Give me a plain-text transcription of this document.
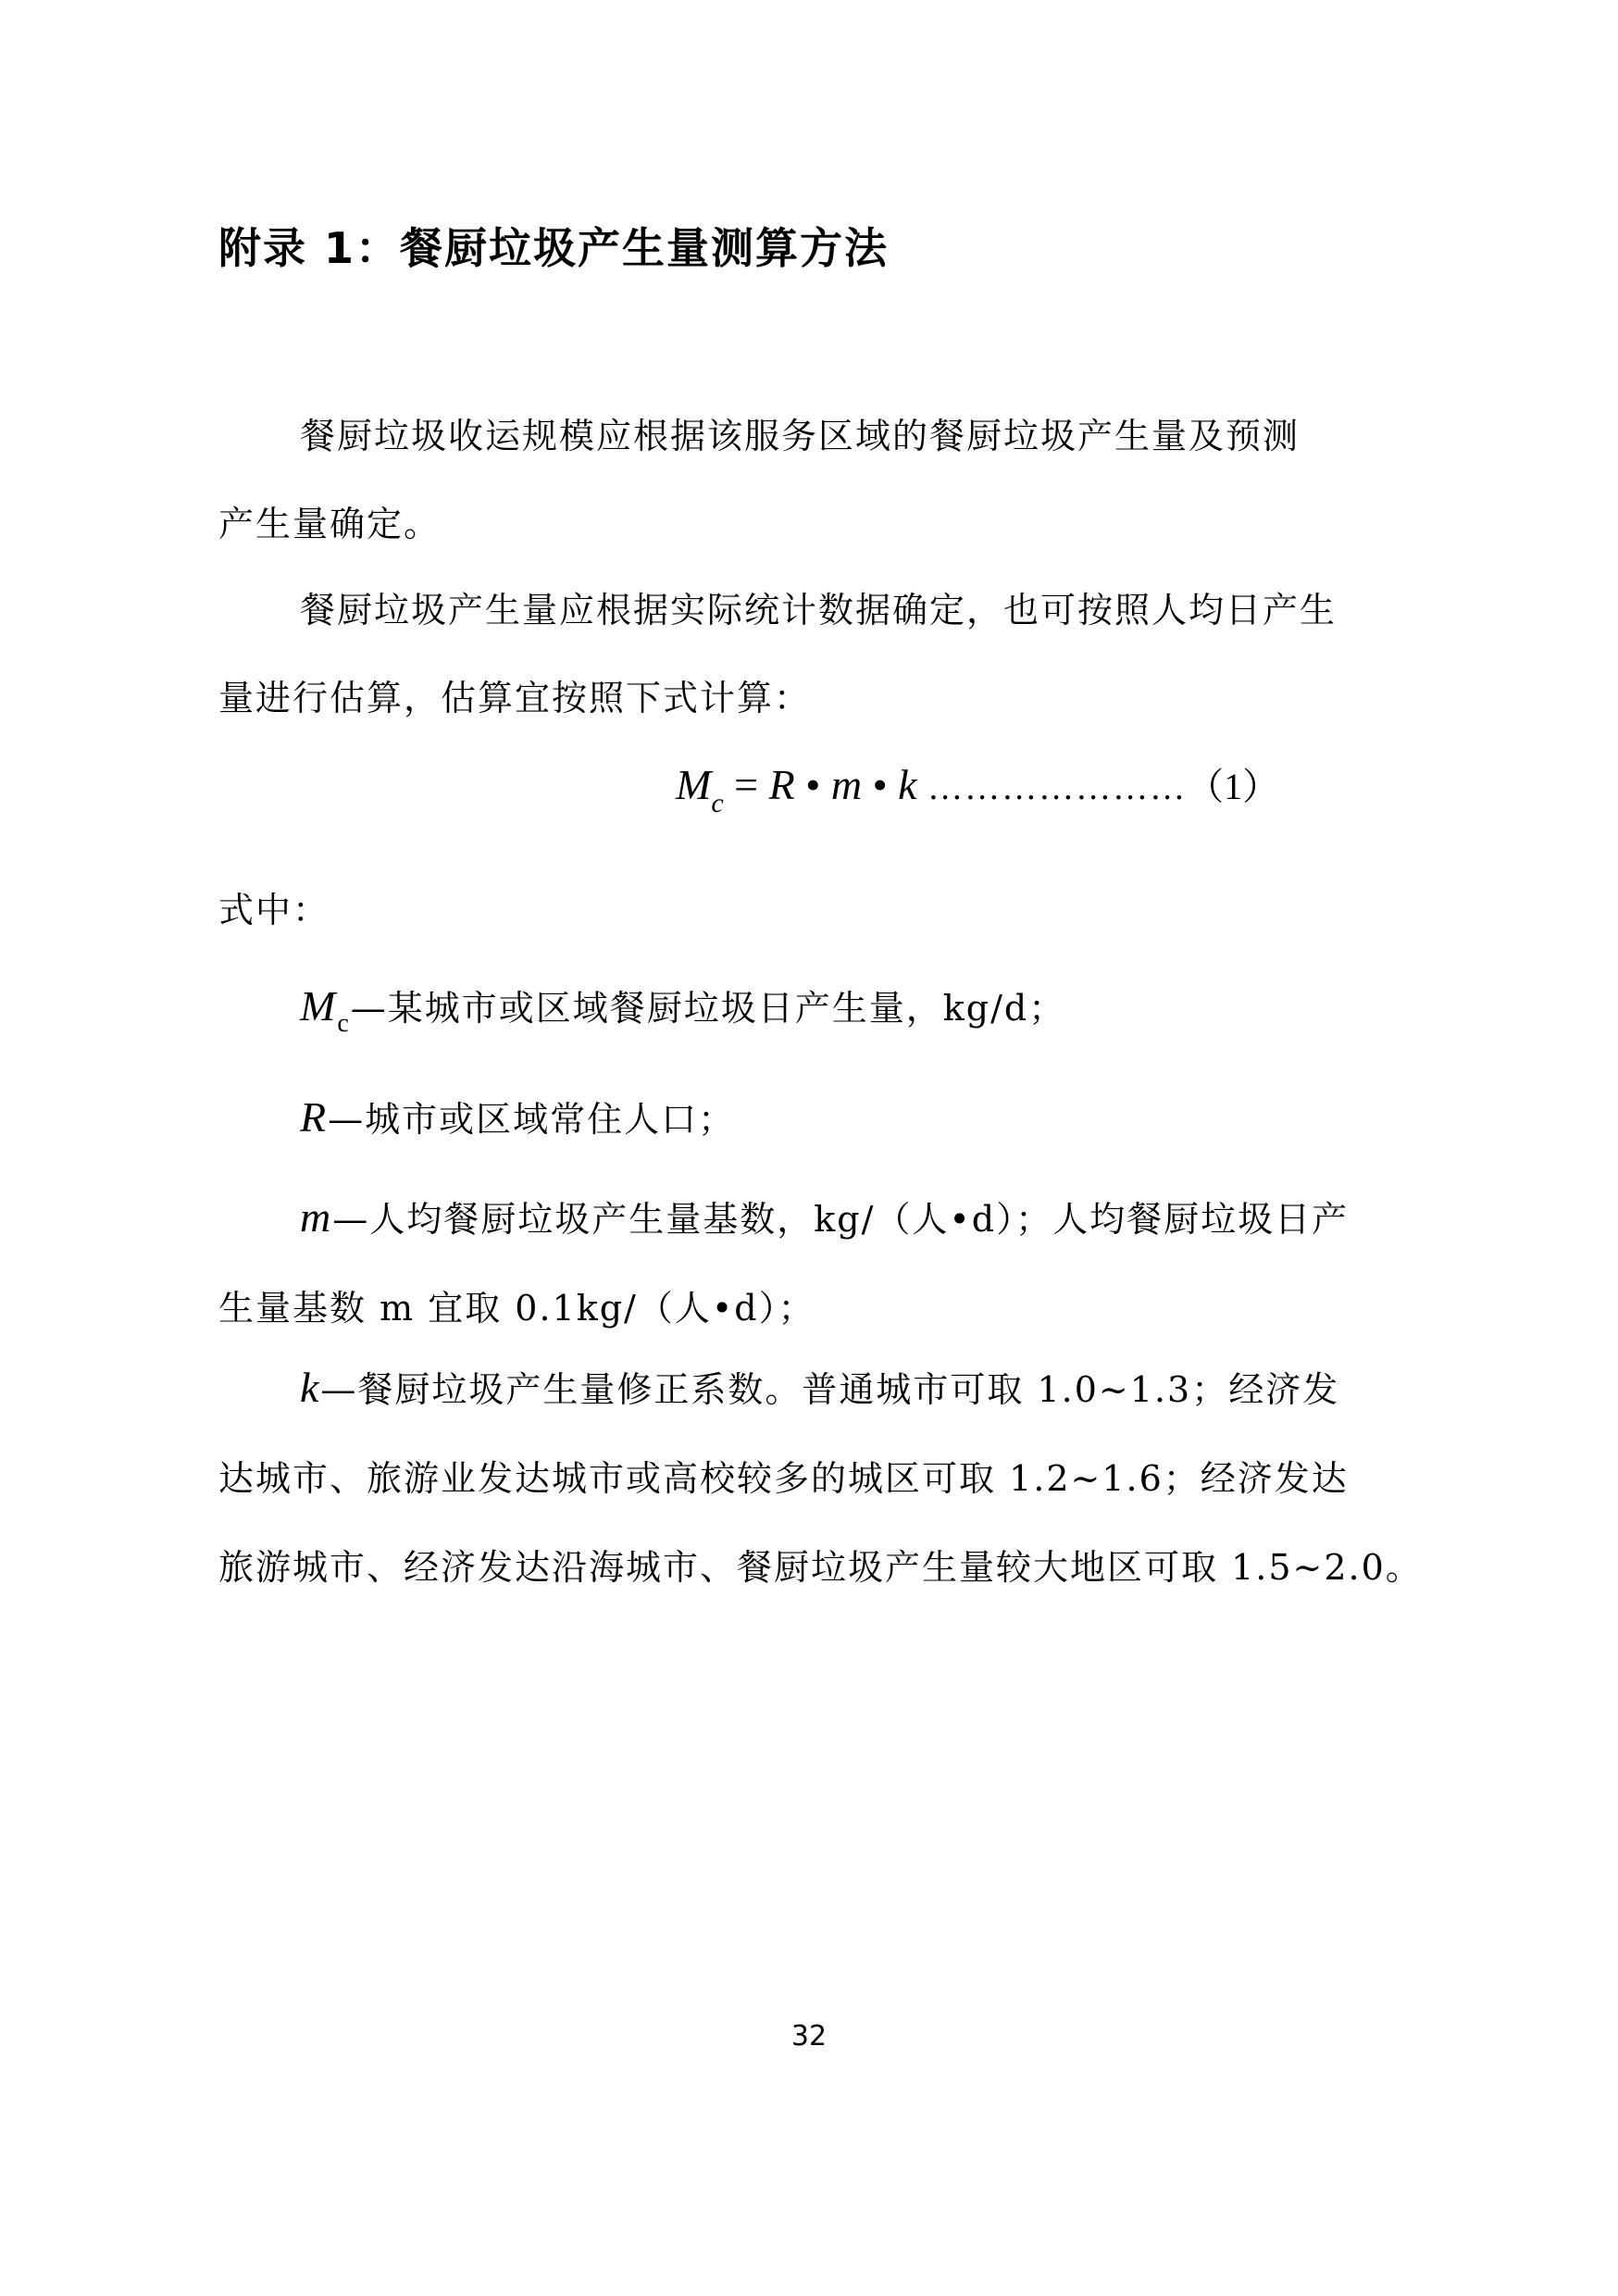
附录 1：餐厨垃圾产生量测算方法
餐厨垃圾收运规模应根据该服务区域的餐厨垃圾产生量及预测
产生量确定。
餐厨垃圾产生量应根据实际统计数据确定，也可按照人均日产生
量进行估算，估算宜按照下式计算：
$M_c = R$ • m • k …………………（1）
式中：
$M_c—$某城市或区域餐厨垃圾日产生量，kg/d；
R—城市或区域常住人口；
m—人均餐厨垃圾产生量基数，kg/（人•d）；人均餐厨垃圾日产
生量基数 m 宜取 0.1kg/（人•d）；
k—餐厨垃圾产生量修正系数。普通城市可取 1.0~1.3；经济发
达城市、旅游业发达城市或高校较多的城区可取 1.2~1.6；经济发达
旅游城市、经济发达沿海城市、餐厨垃圾产生量较大地区可取 1.5~2.0。
32
